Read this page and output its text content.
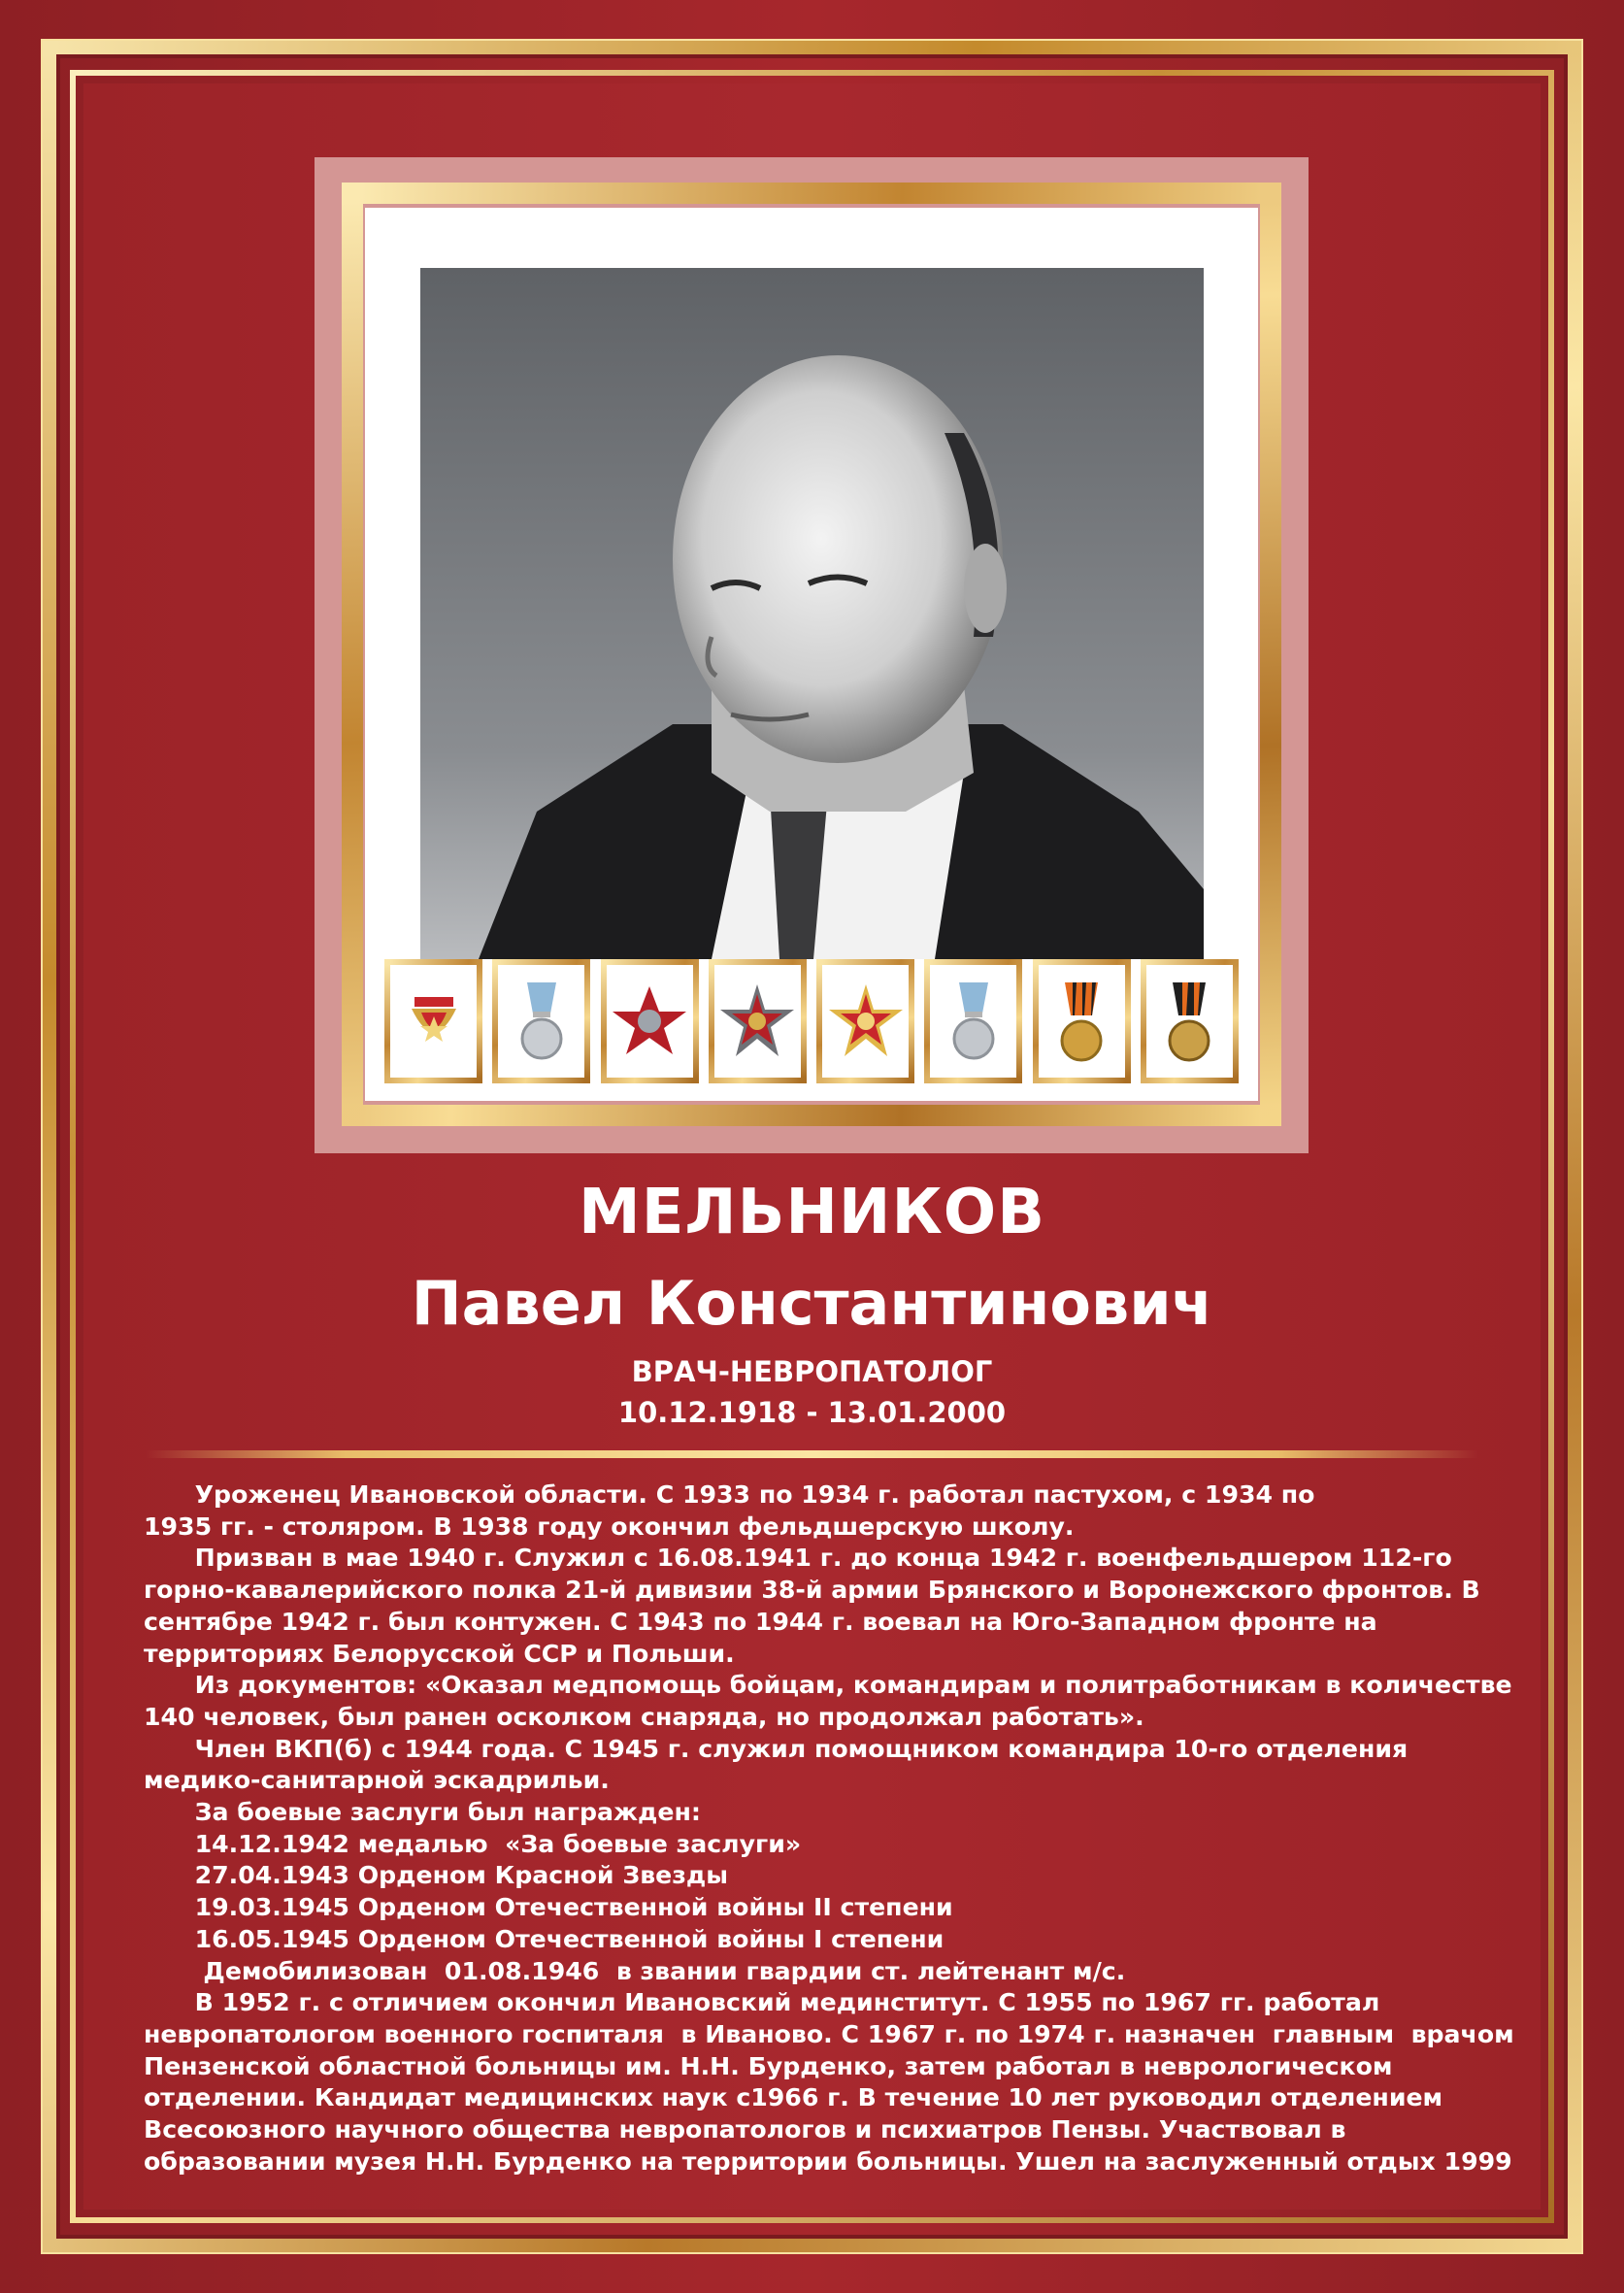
МЕЛЬНИКОВ
Павел Константинович
ВРАЧ-НЕВРОПАТОЛОГ
10.12.1918 - 13.01.2000
Уроженец Ивановской области. С 1933 по 1934 г. работал пастухом, с 1934 по
1935 гг. - столяром. В 1938 году окончил фельдшерскую школу.
Призван в мае 1940 г. Служил с 16.08.1941 г. до конца 1942 г. военфельдшером 112-го
горно-кавалерийского полка 21-й дивизии 38-й армии Брянского и Воронежского фронтов. В
сентябре 1942 г. был контужен. С 1943 по 1944 г. воевал на Юго-Западном фронте на
территориях Белорусской ССР и Польши.
Из документов: «Оказал медпомощь бойцам, командирам и политработникам в количестве
140 человек, был ранен осколком снаряда, но продолжал работать».
Член ВКП(б) с 1944 года. С 1945 г. служил помощником командира 10-го отделения
медико-санитарной эскадрильи.
За боевые заслуги был награжден:
14.12.1942 медалью  «За боевые заслуги»
27.04.1943 Орденом Красной Звезды
19.03.1945 Орденом Отечественной войны II степени
16.05.1945 Орденом Отечественной войны I степени
Демобилизован  01.08.1946  в звании гвардии ст. лейтенант м/с.
В 1952 г. с отличием окончил Ивановский мединститут. С 1955 по 1967 гг. работал
невропатологом военного госпиталя  в Иваново. С 1967 г. по 1974 г. назначен  главным  врачом
Пензенской областной больницы им. Н.Н. Бурденко, затем работал в неврологическом
отделении. Кандидат медицинских наук с1966 г. В течение 10 лет руководил отделением
Всесоюзного научного общества невропатологов и психиатров Пензы. Участвовал в
образовании музея Н.Н. Бурденко на территории больницы. Ушел на заслуженный отдых 1999
